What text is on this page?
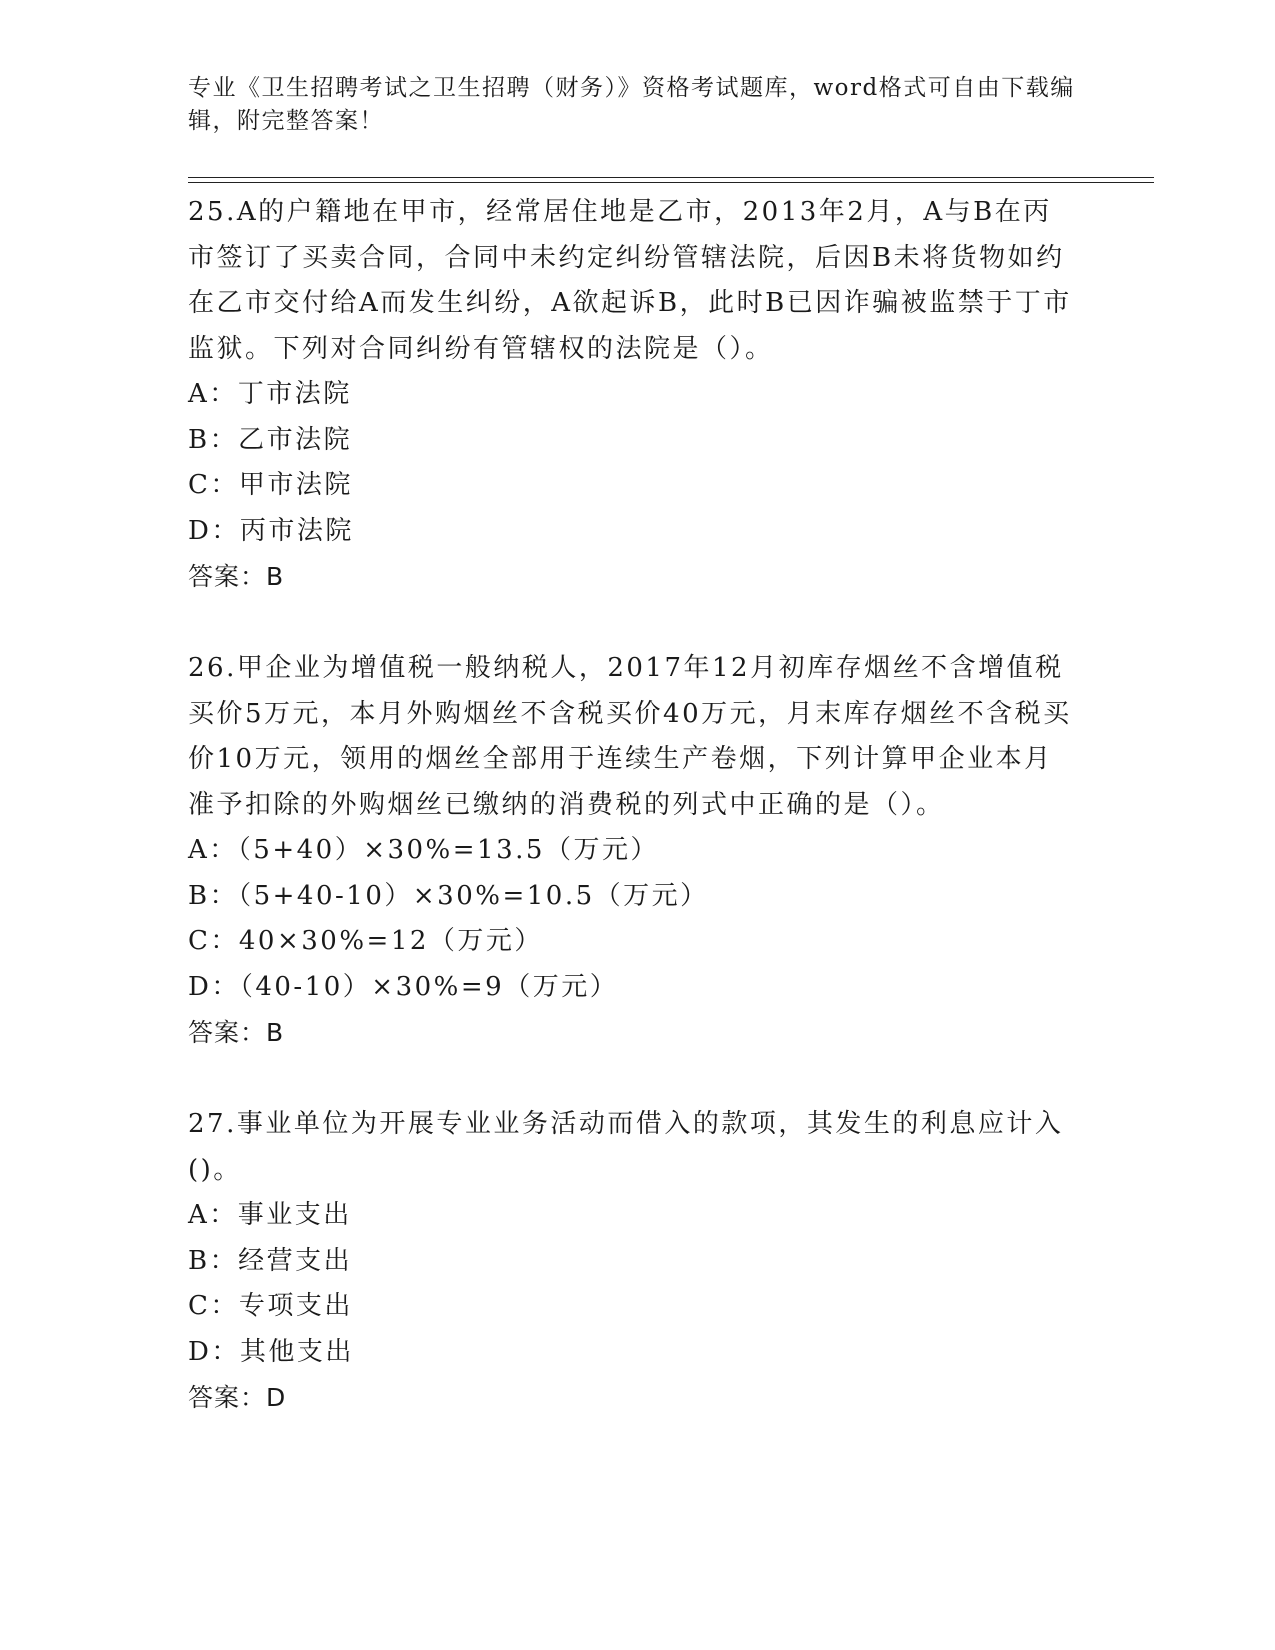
专业《卫生招聘考试之卫生招聘（财务）》资格考试题库，word格式可自由下载编辑，附完整答案！

25.A的户籍地在甲市，经常居住地是乙市，2013年2月，A与B在丙市签订了买卖合同，合同中未约定纠纷管辖法院，后因B未将货物如约在乙市交付给A而发生纠纷，A欲起诉B，此时B已因诈骗被监禁于丁市监狱。下列对合同纠纷有管辖权的法院是（）。

A：丁市法院

B：乙市法院

C：甲市法院

D：丙市法院

答案：B

26.甲企业为增值税一般纳税人，2017年12月初库存烟丝不含增值税买价5万元，本月外购烟丝不含税买价40万元，月末库存烟丝不含税买价10万元，领用的烟丝全部用于连续生产卷烟，下列计算甲企业本月准予扣除的外购烟丝已缴纳的消费税的列式中正确的是（）。

A：（5+40）×30%=13.5（万元）

B：（5+40-10）×30%=10.5（万元）

C：40×30%=12（万元）

D：（40-10）×30%=9（万元）

答案：B

27.事业单位为开展专业业务活动而借入的款项，其发生的利息应计入()。

A：事业支出

B：经营支出

C：专项支出

D：其他支出

答案：D
